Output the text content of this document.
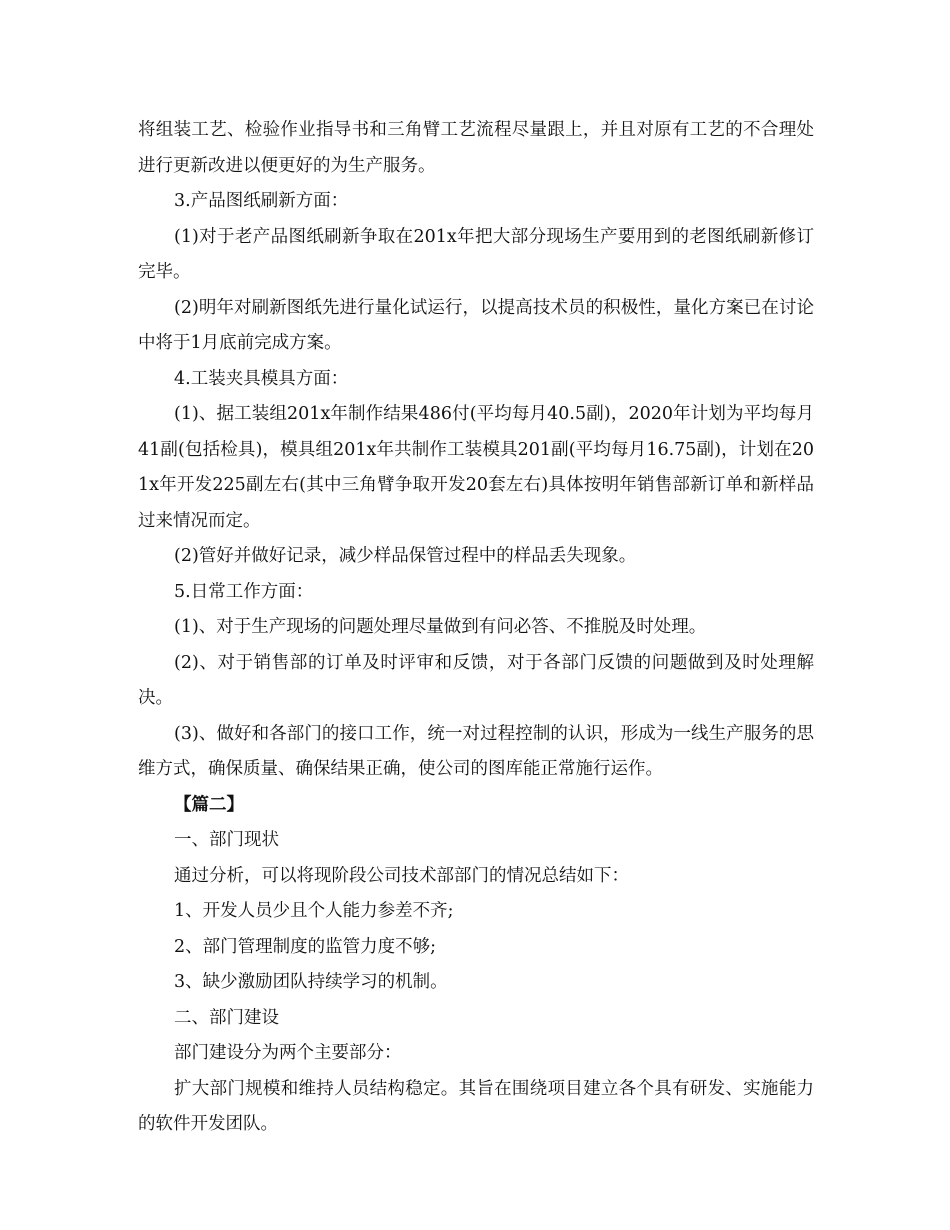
将组装工艺、检验作业指导书和三角臂工艺流程尽量跟上，并且对原有工艺的不合理处进行更新改进以便更好的为生产服务。

3.产品图纸刷新方面：

(1)对于老产品图纸刷新争取在201x年把大部分现场生产要用到的老图纸刷新修订完毕。

(2)明年对刷新图纸先进行量化试运行，以提高技术员的积极性，量化方案已在讨论中将于1月底前完成方案。

4.工装夹具模具方面：

(1)、据工装组201x年制作结果486付(平均每月40.5副)，2020年计划为平均每月41副(包括检具)，模具组201x年共制作工装模具201副(平均每月16.75副)，计划在201x年开发225副左右(其中三角臂争取开发20套左右)具体按明年销售部新订单和新样品过来情况而定。

(2)管好并做好记录，减少样品保管过程中的样品丢失现象。

5.日常工作方面：

(1)、对于生产现场的问题处理尽量做到有问必答、不推脱及时处理。

(2)、对于销售部的订单及时评审和反馈，对于各部门反馈的问题做到及时处理解决。

(3)、做好和各部门的接口工作，统一对过程控制的认识，形成为一线生产服务的思维方式，确保质量、确保结果正确，使公司的图库能正常施行运作。

【篇二】

一、部门现状

通过分析，可以将现阶段公司技术部部门的情况总结如下：

1、开发人员少且个人能力参差不齐;

2、部门管理制度的监管力度不够;

3、缺少激励团队持续学习的机制。

二、部门建设

部门建设分为两个主要部分：

扩大部门规模和维持人员结构稳定。其旨在围绕项目建立各个具有研发、实施能力的软件开发团队。
